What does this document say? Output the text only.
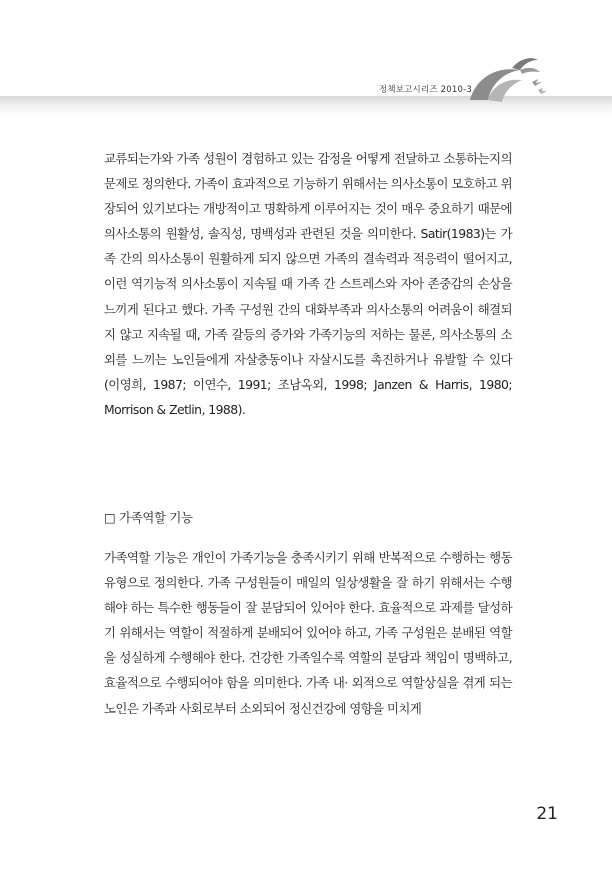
정책보고시리즈 2010-3

교류되는가와 가족 성원이 경험하고 있는 감정을 어떻게 전달하고 소통하는지의 문제로 정의한다. 가족이 효과적으로 기능하기 위해서는 의사소통이 모호하고 위장되어 있기보다는 개방적이고 명확하게 이루어지는 것이 매우 중요하기 때문에 의사소통의 원활성, 솔직성, 명백성과 관련된 것을 의미한다. Satir(1983)는 가족 간의 의사소통이 원활하게 되지 않으면 가족의 결속력과 적응력이 떨어지고, 이런 역기능적 의사소통이 지속될 때 가족 간 스트레스와 자아 존중감의 손상을 느끼게 된다고 했다. 가족 구성원 간의 대화부족과 의사소통의 어려움이 해결되지 않고 지속될 때, 가족 갈등의 증가와 가족기능의 저하는 물론, 의사소통의 소외를 느끼는 노인들에게 자살충동이나 자살시도를 촉진하거나 유발할 수 있다(이영희, 1987; 이연수, 1991; 조남옥외, 1998; Janzen & Harris, 1980; Morrison & Zetlin, 1988).

□ 가족역할 기능

가족역할 기능은 개인이 가족기능을 충족시키기 위해 반복적으로 수행하는 행동유형으로 정의한다. 가족 구성원들이 매일의 일상생활을 잘 하기 위해서는 수행해야 하는 특수한 행동들이 잘 분담되어 있어야 한다. 효율적으로 과제를 달성하기 위해서는 역할이 적절하게 분배되어 있어야 하고, 가족 구성원은 분배된 역할을 성실하게 수행해야 한다. 건강한 가족일수록 역할의 분담과 책임이 명백하고, 효율적으로 수행되어야 함을 의미한다. 가족 내· 외적으로 역할상실을 겪게 되는 노인은 가족과 사회로부터 소외되어 정신건강에 영향을 미치게

21
